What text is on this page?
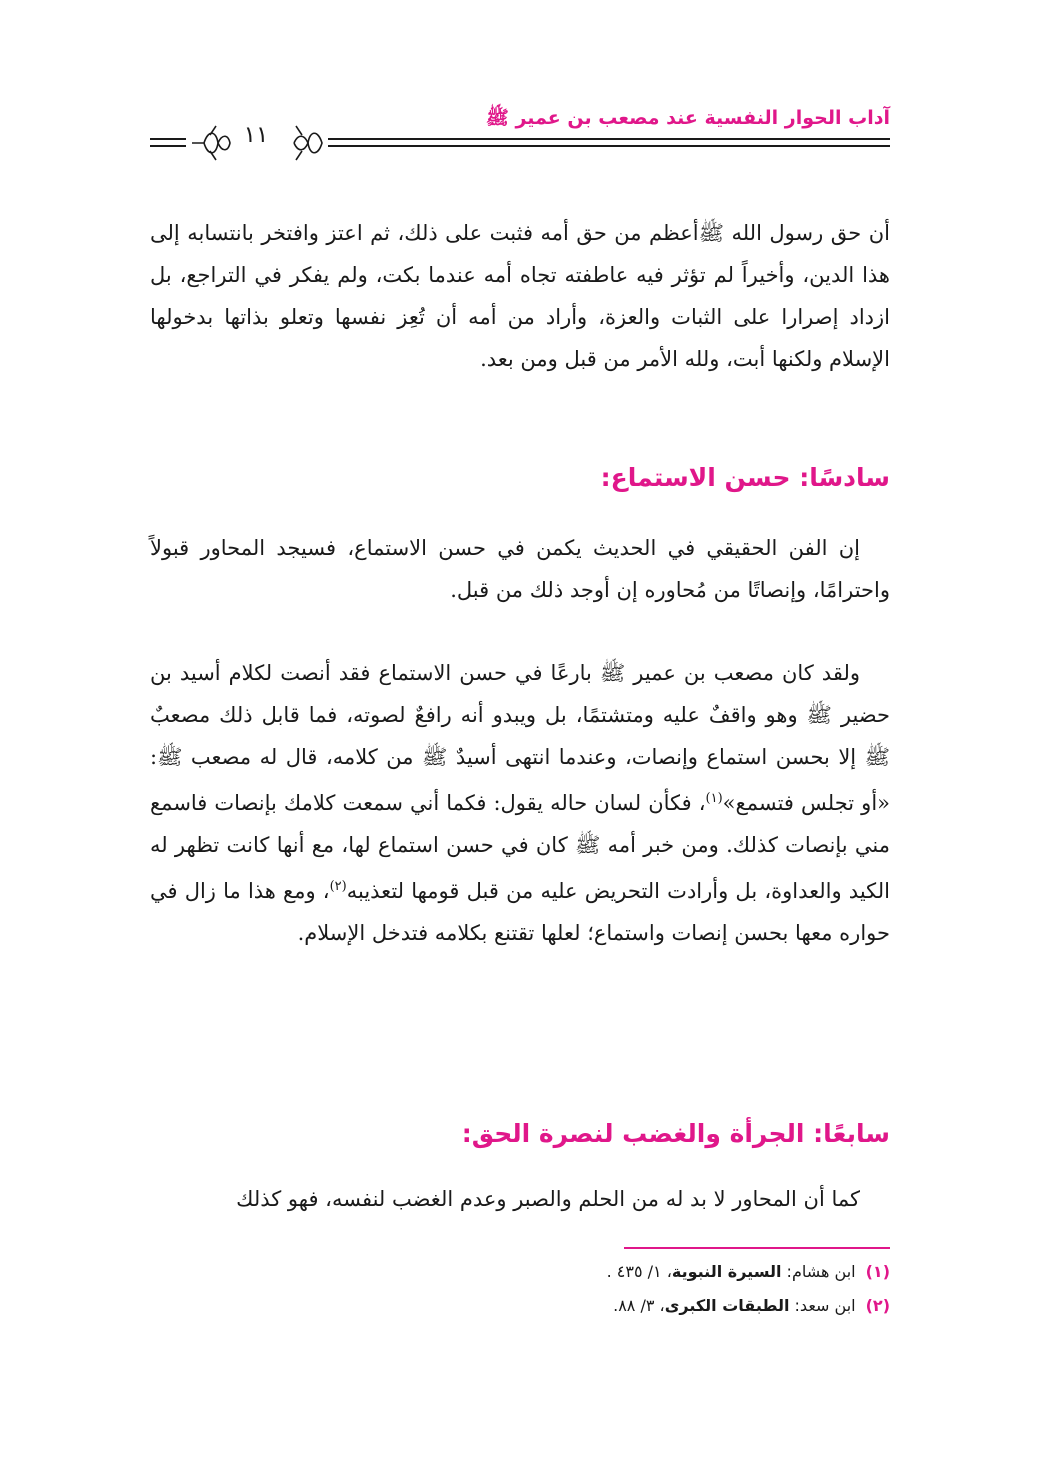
آداب الحوار النفسية عند مصعب بن عمير ﷺ
١١

أن حق رسول الله ﷺأعظم من حق أمه فثبت على ذلك، ثم اعتز وافتخر بانتسابه إلى هذا الدين، وأخيراً لم تؤثر فيه عاطفته تجاه أمه عندما بكت، ولم يفكر في التراجع، بل ازداد إصرارا على الثبات والعزة، وأراد من أمه أن تُعِز نفسها وتعلو بذاتها بدخولها الإسلام ولكنها أبت، ولله الأمر من قبل ومن بعد.

سادسًا: حسن الاستماع:

إن الفن الحقيقي في الحديث يكمن في حسن الاستماع، فسيجد المحاور قبولاً واحترامًا، وإنصاتًا من مُحاوره إن أوجد ذلك من قبل.

ولقد كان مصعب بن عمير ﷺ بارعًا في حسن الاستماع فقد أنصت لكلام أسيد بن حضير ﷺ وهو واقفٌ عليه ومتشتمًا، بل ويبدو أنه رافعٌ لصوته، فما قابل ذلك مصعبٌ ﷺ إلا بحسن استماع وإنصات، وعندما انتهى أسيدٌ ﷺ من كلامه، قال له مصعب ﷺ: «أو تجلس فتسمع»$^{(١)}$، فكأن لسان حاله يقول: فكما أني سمعت كلامك بإنصات فاسمع مني بإنصات كذلك. ومن خبر أمه ﷺ كان في حسن استماع لها، مع أنها كانت تظهر له الكيد والعداوة، بل وأرادت التحريض عليه من قبل قومها لتعذيبه$^{(٢)}$، ومع هذا ما زال في حواره معها بحسن إنصات واستماع؛ لعلها تقتنع بكلامه فتدخل الإسلام.

سابعًا: الجرأة والغضب لنصرة الحق:

كما أن المحاور لا بد له من الحلم والصبر وعدم الغضب لنفسه، فهو كذلك

(١)ابن هشام: السيرة النبوية، ١/ ٤٣٥ .
(٢)ابن سعد: الطبقات الكبرى، ٣/ ٨٨.
